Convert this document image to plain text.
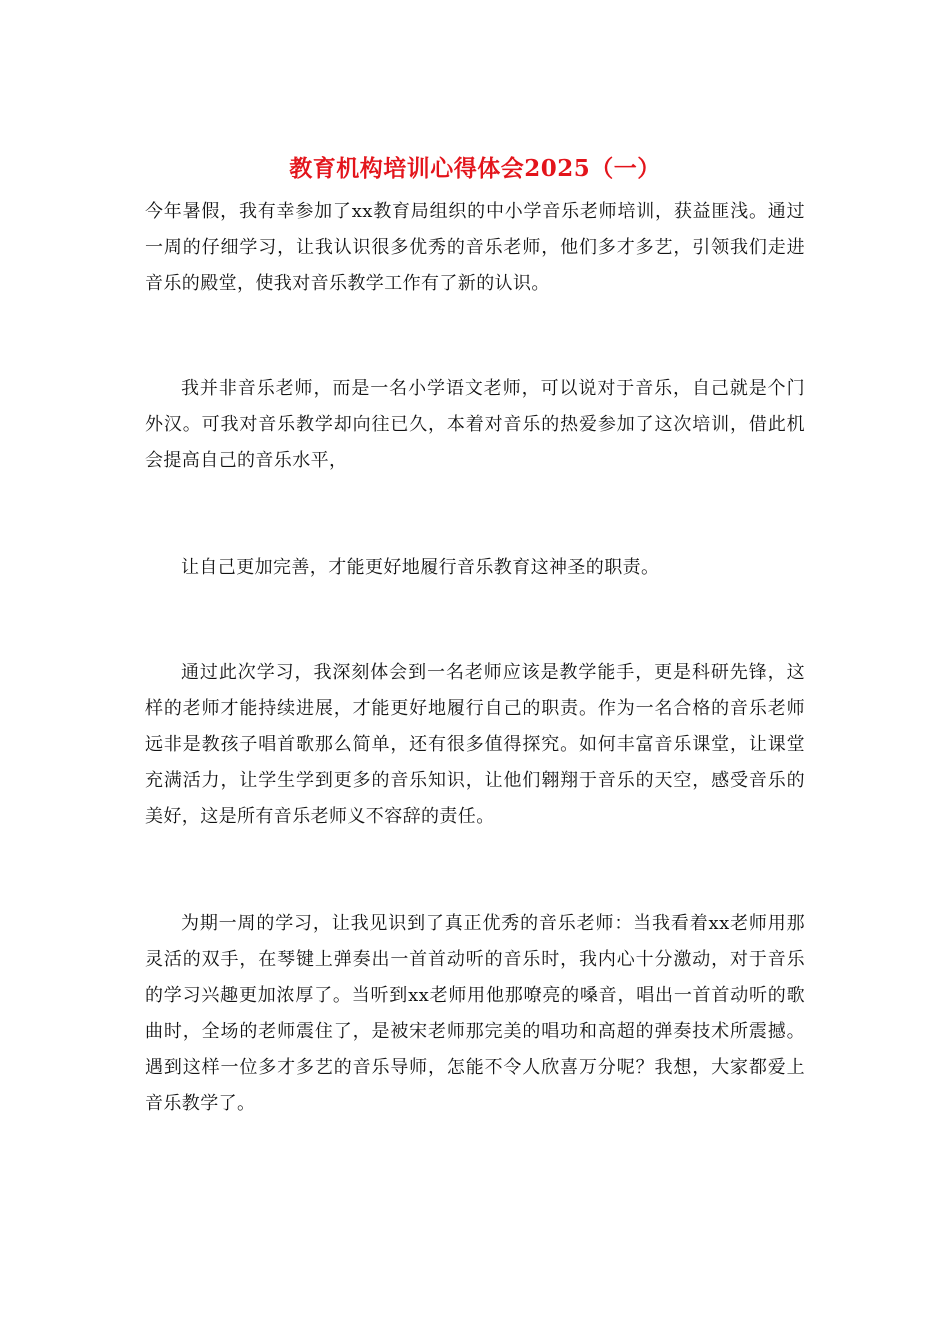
教育机构培训心得体会2025（一）

今年暑假，我有幸参加了xx教育局组织的中小学音乐老师培训，获益匪浅。通过一周的仔细学习，让我认识很多优秀的音乐老师，他们多才多艺，引领我们走进音乐的殿堂，使我对音乐教学工作有了新的认识。

我并非音乐老师，而是一名小学语文老师，可以说对于音乐，自己就是个门外汉。可我对音乐教学却向往已久，本着对音乐的热爱参加了这次培训，借此机会提高自己的音乐水平，

让自己更加完善，才能更好地履行音乐教育这神圣的职责。

通过此次学习，我深刻体会到一名老师应该是教学能手，更是科研先锋，这样的老师才能持续进展，才能更好地履行自己的职责。作为一名合格的音乐老师远非是教孩子唱首歌那么简单，还有很多值得探究。如何丰富音乐课堂，让课堂充满活力，让学生学到更多的音乐知识，让他们翱翔于音乐的天空，感受音乐的美好，这是所有音乐老师义不容辞的责任。

为期一周的学习，让我见识到了真正优秀的音乐老师：当我看着xx老师用那灵活的双手，在琴键上弹奏出一首首动听的音乐时，我内心十分激动，对于音乐的学习兴趣更加浓厚了。当听到xx老师用他那嘹亮的嗓音，唱出一首首动听的歌曲时，全场的老师震住了，是被宋老师那完美的唱功和高超的弹奏技术所震撼。遇到这样一位多才多艺的音乐导师，怎能不令人欣喜万分呢？我想，大家都爱上音乐教学了。
